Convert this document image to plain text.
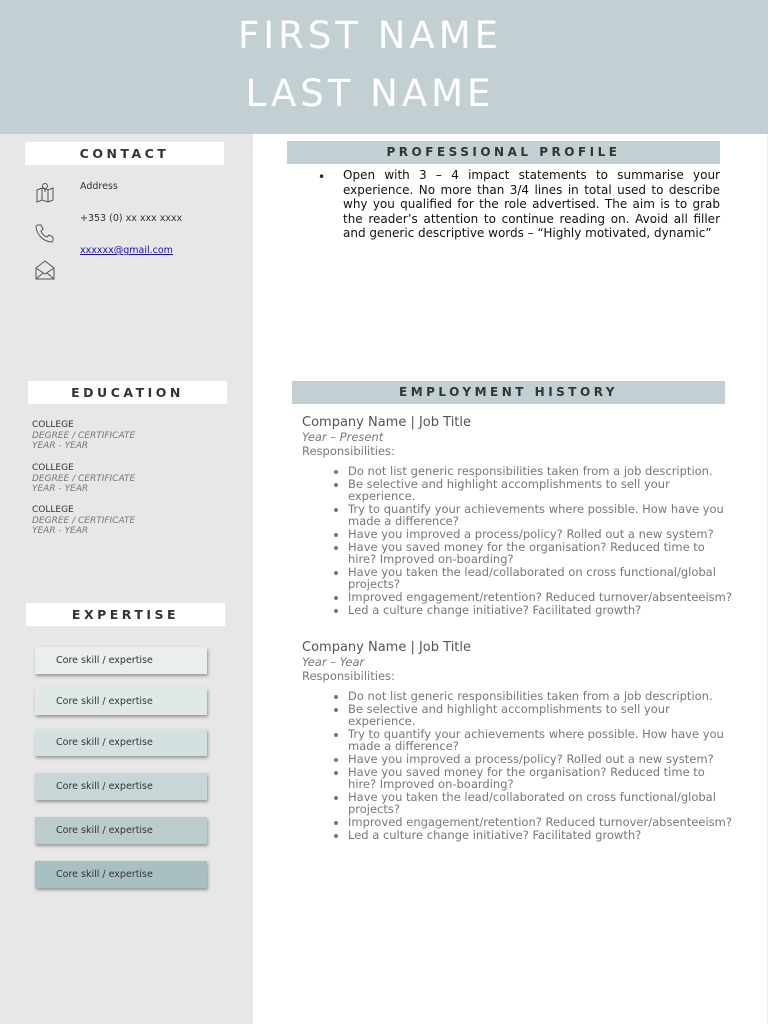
FIRST NAME
LAST NAME
CONTACT
Address
+353 (0) xx xxx xxxx
xxxxxx@gmail.com
EDUCATION
COLLEGE
DEGREE / CERTIFICATE
YEAR - YEAR
COLLEGE
DEGREE / CERTIFICATE
YEAR - YEAR
COLLEGE
DEGREE / CERTIFICATE
YEAR - YEAR
EXPERTISE
Core skill / expertise
Core skill / expertise
Core skill / expertise
Core skill / expertise
Core skill / expertise
Core skill / expertise
PROFESSIONAL PROFILE
• Open with 3 – 4 impact statements to summarise your experience. No more than 3/4 lines in total used to describe why you qualified for the role advertised. The aim is to grab the reader’s attention to continue reading on. Avoid all filler and generic descriptive words – “Highly motivated, dynamic”
EMPLOYMENT HISTORY
Company Name | Job Title
Year – Present
Responsibilities:
• Do not list generic responsibilities taken from a job description.
• Be selective and highlight accomplishments to sell your experience.
• Try to quantify your achievements where possible. How have you made a difference?
• Have you improved a process/policy? Rolled out a new system?
• Have you saved money for the organisation? Reduced time to hire? Improved on-boarding?
• Have you taken the lead/collaborated on cross functional/global projects?
• Improved engagement/retention? Reduced turnover/absenteeism?
• Led a culture change initiative? Facilitated growth?
Company Name | Job Title
Year – Year
Responsibilities:
• Do not list generic responsibilities taken from a job description.
• Be selective and highlight accomplishments to sell your experience.
• Try to quantify your achievements where possible. How have you made a difference?
• Have you improved a process/policy? Rolled out a new system?
• Have you saved money for the organisation? Reduced time to hire? Improved on-boarding?
• Have you taken the lead/collaborated on cross functional/global projects?
• Improved engagement/retention? Reduced turnover/absenteeism?
• Led a culture change initiative? Facilitated growth?
